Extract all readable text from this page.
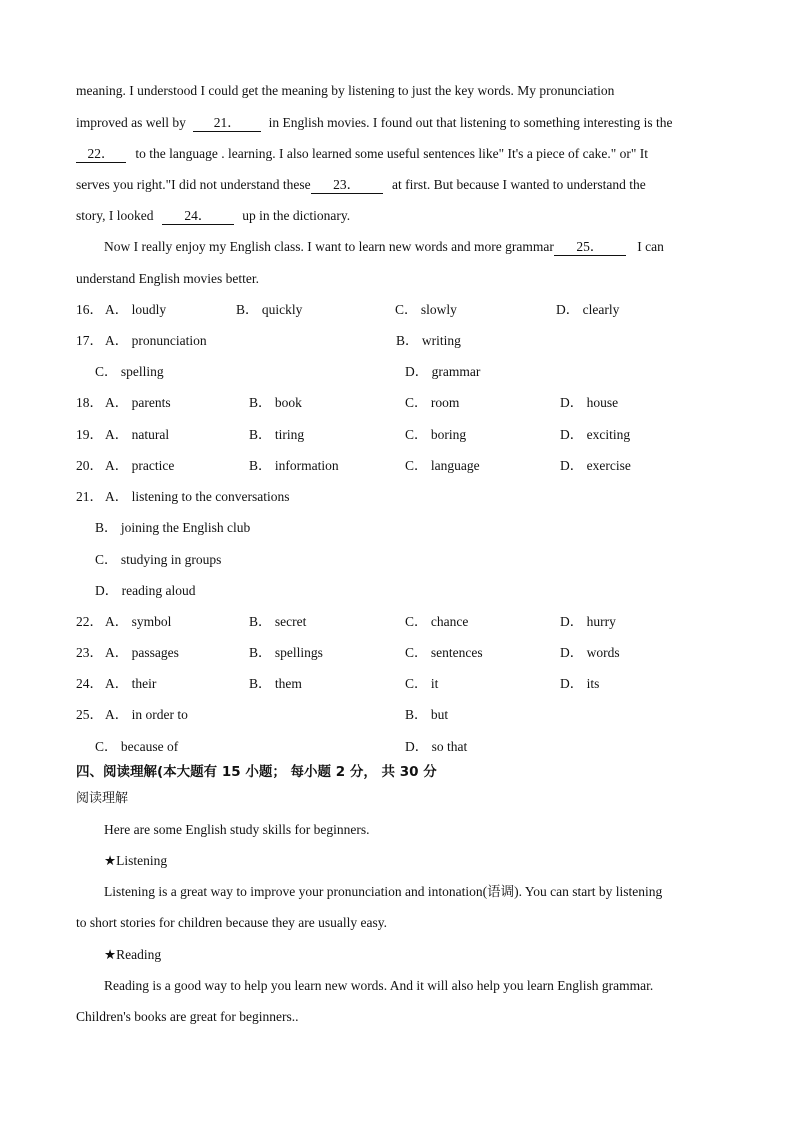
meaning. I understood I could get the meaning by listening to just the key words. My pronunciation
improved as well by 21． in English movies. I found out that listening to something interesting is the
22． to the language . learning. I also learned some useful sentences like" It's a piece of cake." or" It
serves you right."I did not understand these 23． at first. But because I wanted to understand the
story, I looked 24． up in the dictionary.
Now I really enjoy my English class. I want to learn new words and more grammar 25．	I can
understand English movies better.
16． A． loudly	B． quickly	C． slowly	D． clearly
17． A． pronunciation	B． writing
C． spelling	D． grammar
18． A． parents	B． book	C． room	D． house
19． A． natural	B． tiring	C． boring	D． exciting
20． A． practice	B． information	C． language	D． exercise
21． A． listening to the conversations
B． joining the English club
C． studying in groups
D． reading aloud
22． A． symbol	B． secret	C． chance	D． hurry
23． A． passages	B． spellings	C． sentences	D． words
24． A． their	B． them	C． it	D． its
25． A． in order to	B． but
C． because of	D． so that
四、阅读理解(本大题有 15 小题； 每小题 2 分， 共 30 分
阅读理解
Here are some English study skills for beginners.
★Listening
Listening is a great way to improve your pronunciation and intonation(语调). You can start by listening
to short stories for children because they are usually easy.
★Reading
Reading is a good way to help you learn new words. And it will also help you learn English grammar.
Children's books are great for beginners..
